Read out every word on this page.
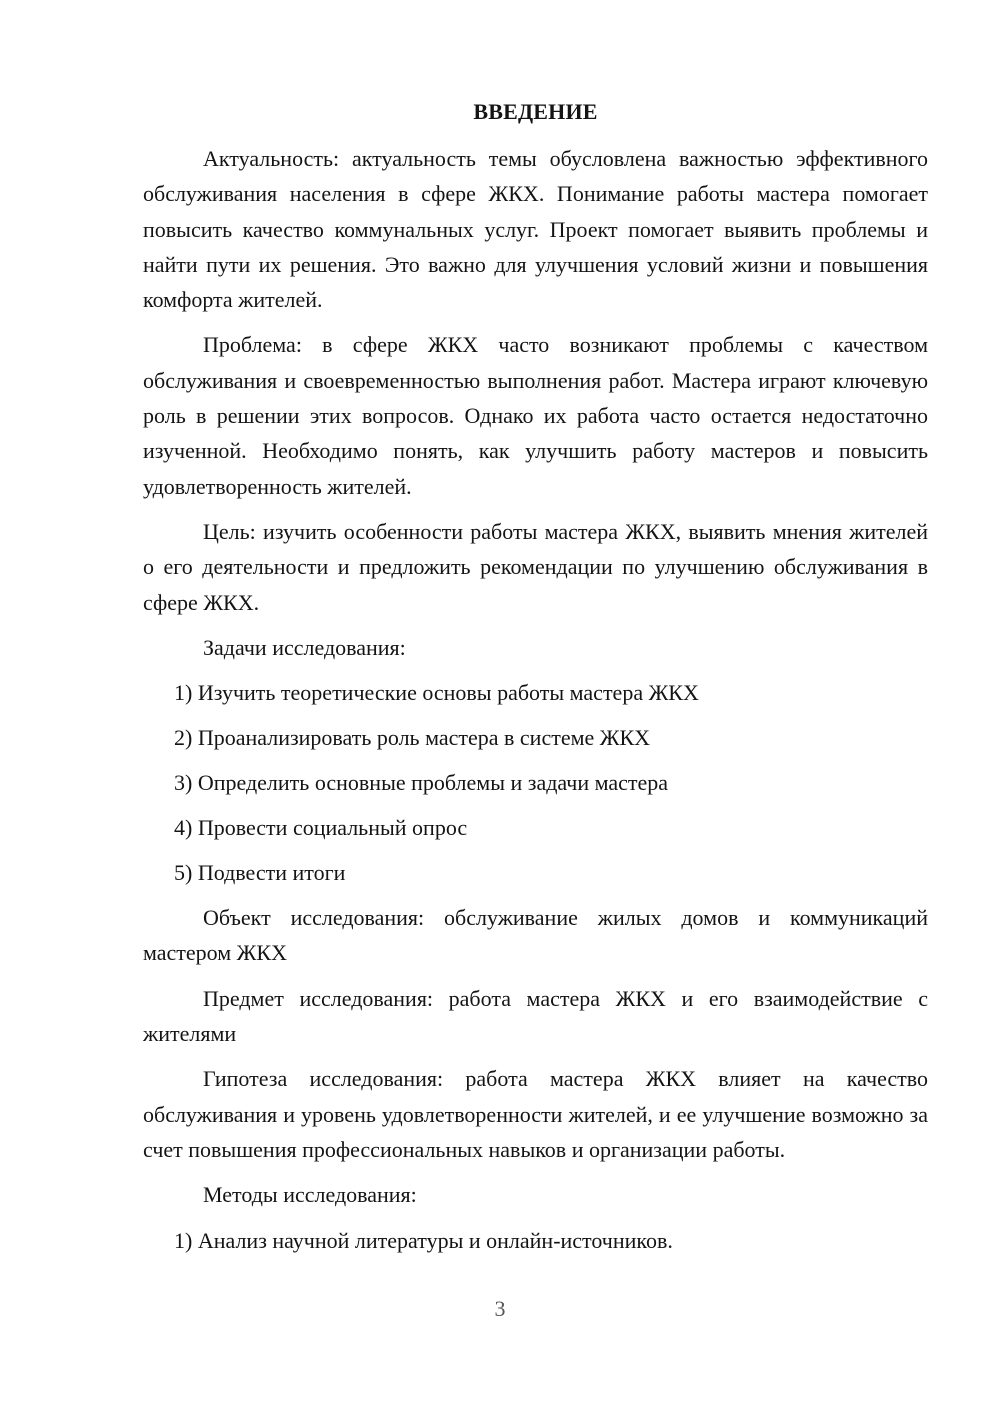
ВВЕДЕНИЕ

Актуальность: актуальность темы обусловлена важностью эффективного обслуживания населения в сфере ЖКХ. Понимание работы мастера помогает повысить качество коммунальных услуг. Проект помогает выявить проблемы и найти пути их решения. Это важно для улучшения условий жизни и повышения комфорта жителей.

Проблема: в сфере ЖКХ часто возникают проблемы с качеством обслуживания и своевременностью выполнения работ. Мастера играют ключевую роль в решении этих вопросов. Однако их работа часто остается недостаточно изученной. Необходимо понять, как улучшить работу мастеров и повысить удовлетворенность жителей.

Цель: изучить особенности работы мастера ЖКХ, выявить мнения жителей о его деятельности и предложить рекомендации по улучшению обслуживания в сфере ЖКХ.

Задачи исследования:

1) Изучить теоретические основы работы мастера ЖКХ
2) Проанализировать роль мастера в системе ЖКХ
3) Определить основные проблемы и задачи мастера
4) Провести социальный опрос
5) Подвести итоги

Объект исследования: обслуживание жилых домов и коммуникаций мастером ЖКХ

Предмет исследования: работа мастера ЖКХ и его взаимодействие с жителями

Гипотеза исследования: работа мастера ЖКХ влияет на качество обслуживания и уровень удовлетворенности жителей, и ее улучшение возможно за счет повышения профессиональных навыков и организации работы.

Методы исследования:

1) Анализ научной литературы и онлайн-источников.
3
